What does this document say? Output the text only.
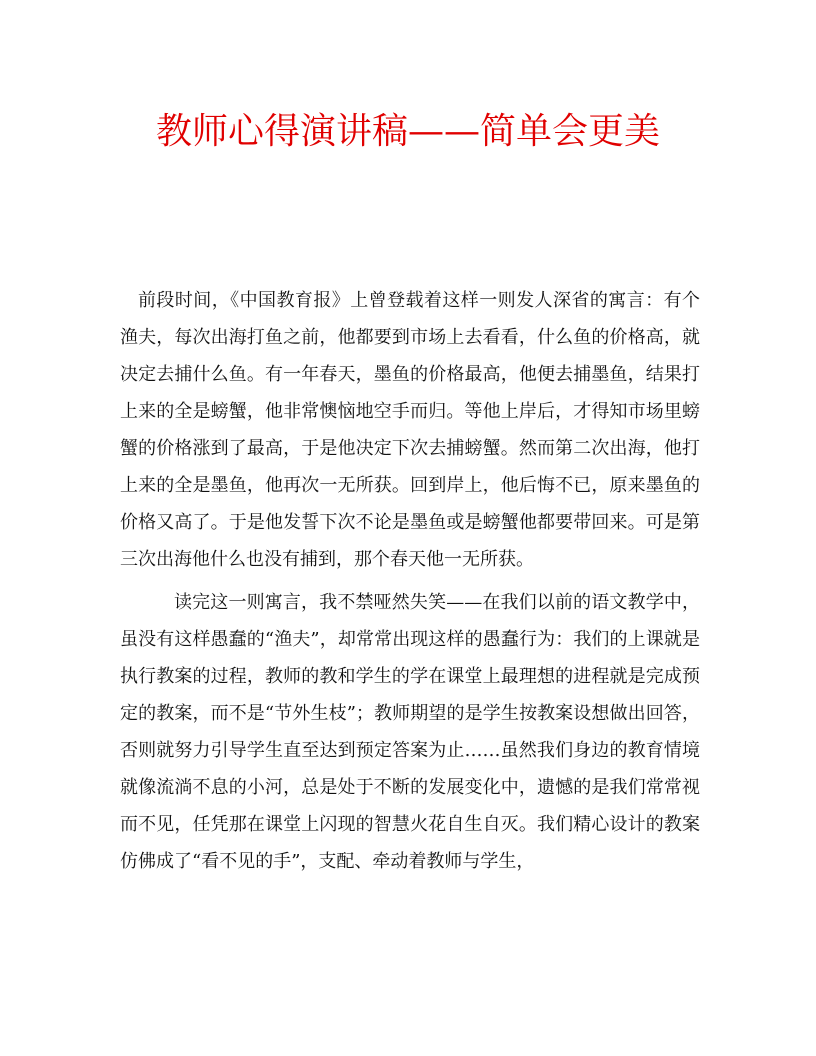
教师心得演讲稿——简单会更美

前段时间，《中国教育报》上曾登载着这样一则发人深省的寓言：有个渔夫，每次出海打鱼之前，他都要到市场上去看看，什么鱼的价格高，就决定去捕什么鱼。有一年春天，墨鱼的价格最高，他便去捕墨鱼，结果打上来的全是螃蟹，他非常懊恼地空手而归。等他上岸后，才得知市场里螃蟹的价格涨到了最高，于是他决定下次去捕螃蟹。然而第二次出海，他打上来的全是墨鱼，他再次一无所获。回到岸上，他后悔不已，原来墨鱼的价格又高了。于是他发誓下次不论是墨鱼或是螃蟹他都要带回来。可是第三次出海他什么也没有捕到，那个春天他一无所获。

读完这一则寓言，我不禁哑然失笑——在我们以前的语文教学中，虽没有这样愚蠢的“渔夫”，却常常出现这样的愚蠢行为：我们的上课就是执行教案的过程，教师的教和学生的学在课堂上最理想的进程就是完成预定的教案，而不是“节外生枝”；教师期望的是学生按教案设想做出回答，否则就努力引导学生直至达到预定答案为止……虽然我们身边的教育情境就像流淌不息的小河，总是处于不断的发展变化中，遗憾的是我们常常视而不见，任凭那在课堂上闪现的智慧火花自生自灭。我们精心设计的教案仿佛成了“看不见的手”，支配、牵动着教师与学生，
